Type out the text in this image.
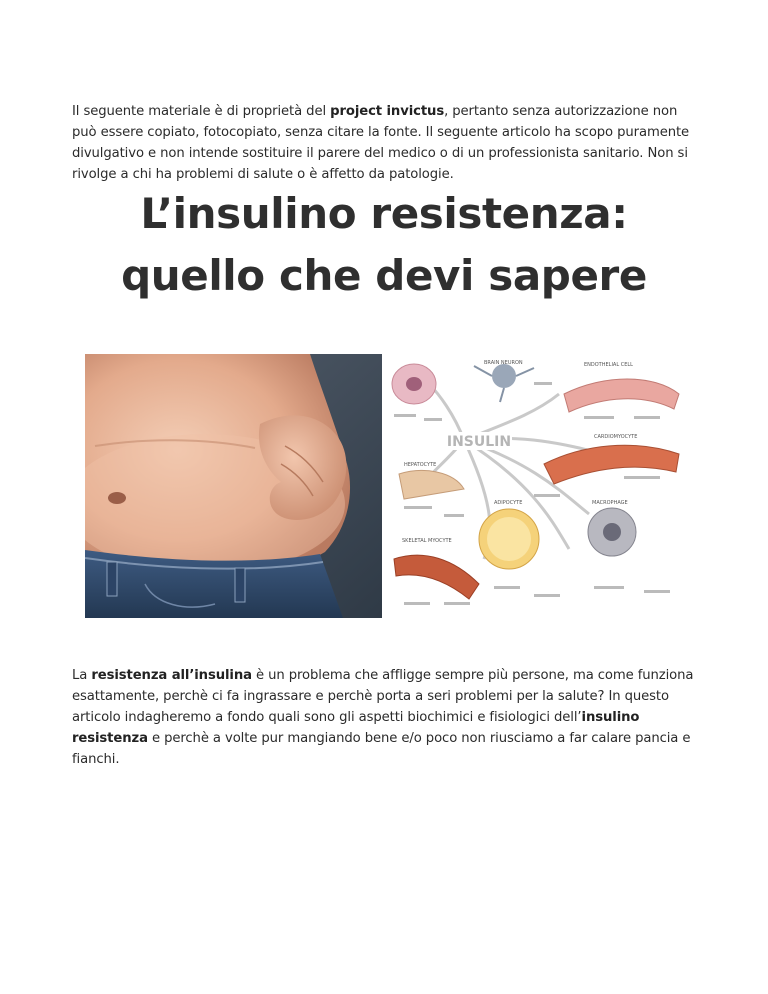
Il seguente materiale è di proprietà del project invictus, pertanto senza autorizzazione non può essere copiato, fotocopiato, senza citare la fonte. Il seguente articolo ha scopo puramente divulgativo e non intende sostituire il parere del medico o di un professionista sanitario. Non si rivolge a chi ha problemi di salute o è affetto da patologie.

L’insulino resistenza:
quello che devi sapere
INSULIN
BRAIN NEURON	ENDOTHELIAL CELL
HEPATOCYTE
CARDIOMYOCYTE
SKELETAL MYOCYTE
ADIPOCYTE	MACROPHAGE

La resistenza all’insulina è un problema che affligge sempre più persone, ma come funziona esattamente, perchè ci fa ingrassare e perchè porta a seri problemi per la salute? In questo articolo indagheremo a fondo quali sono gli aspetti biochimici e fisiologici dell’insulino resistenza e perchè a volte pur mangiando bene e/o poco non riusciamo a far calare pancia e fianchi.
